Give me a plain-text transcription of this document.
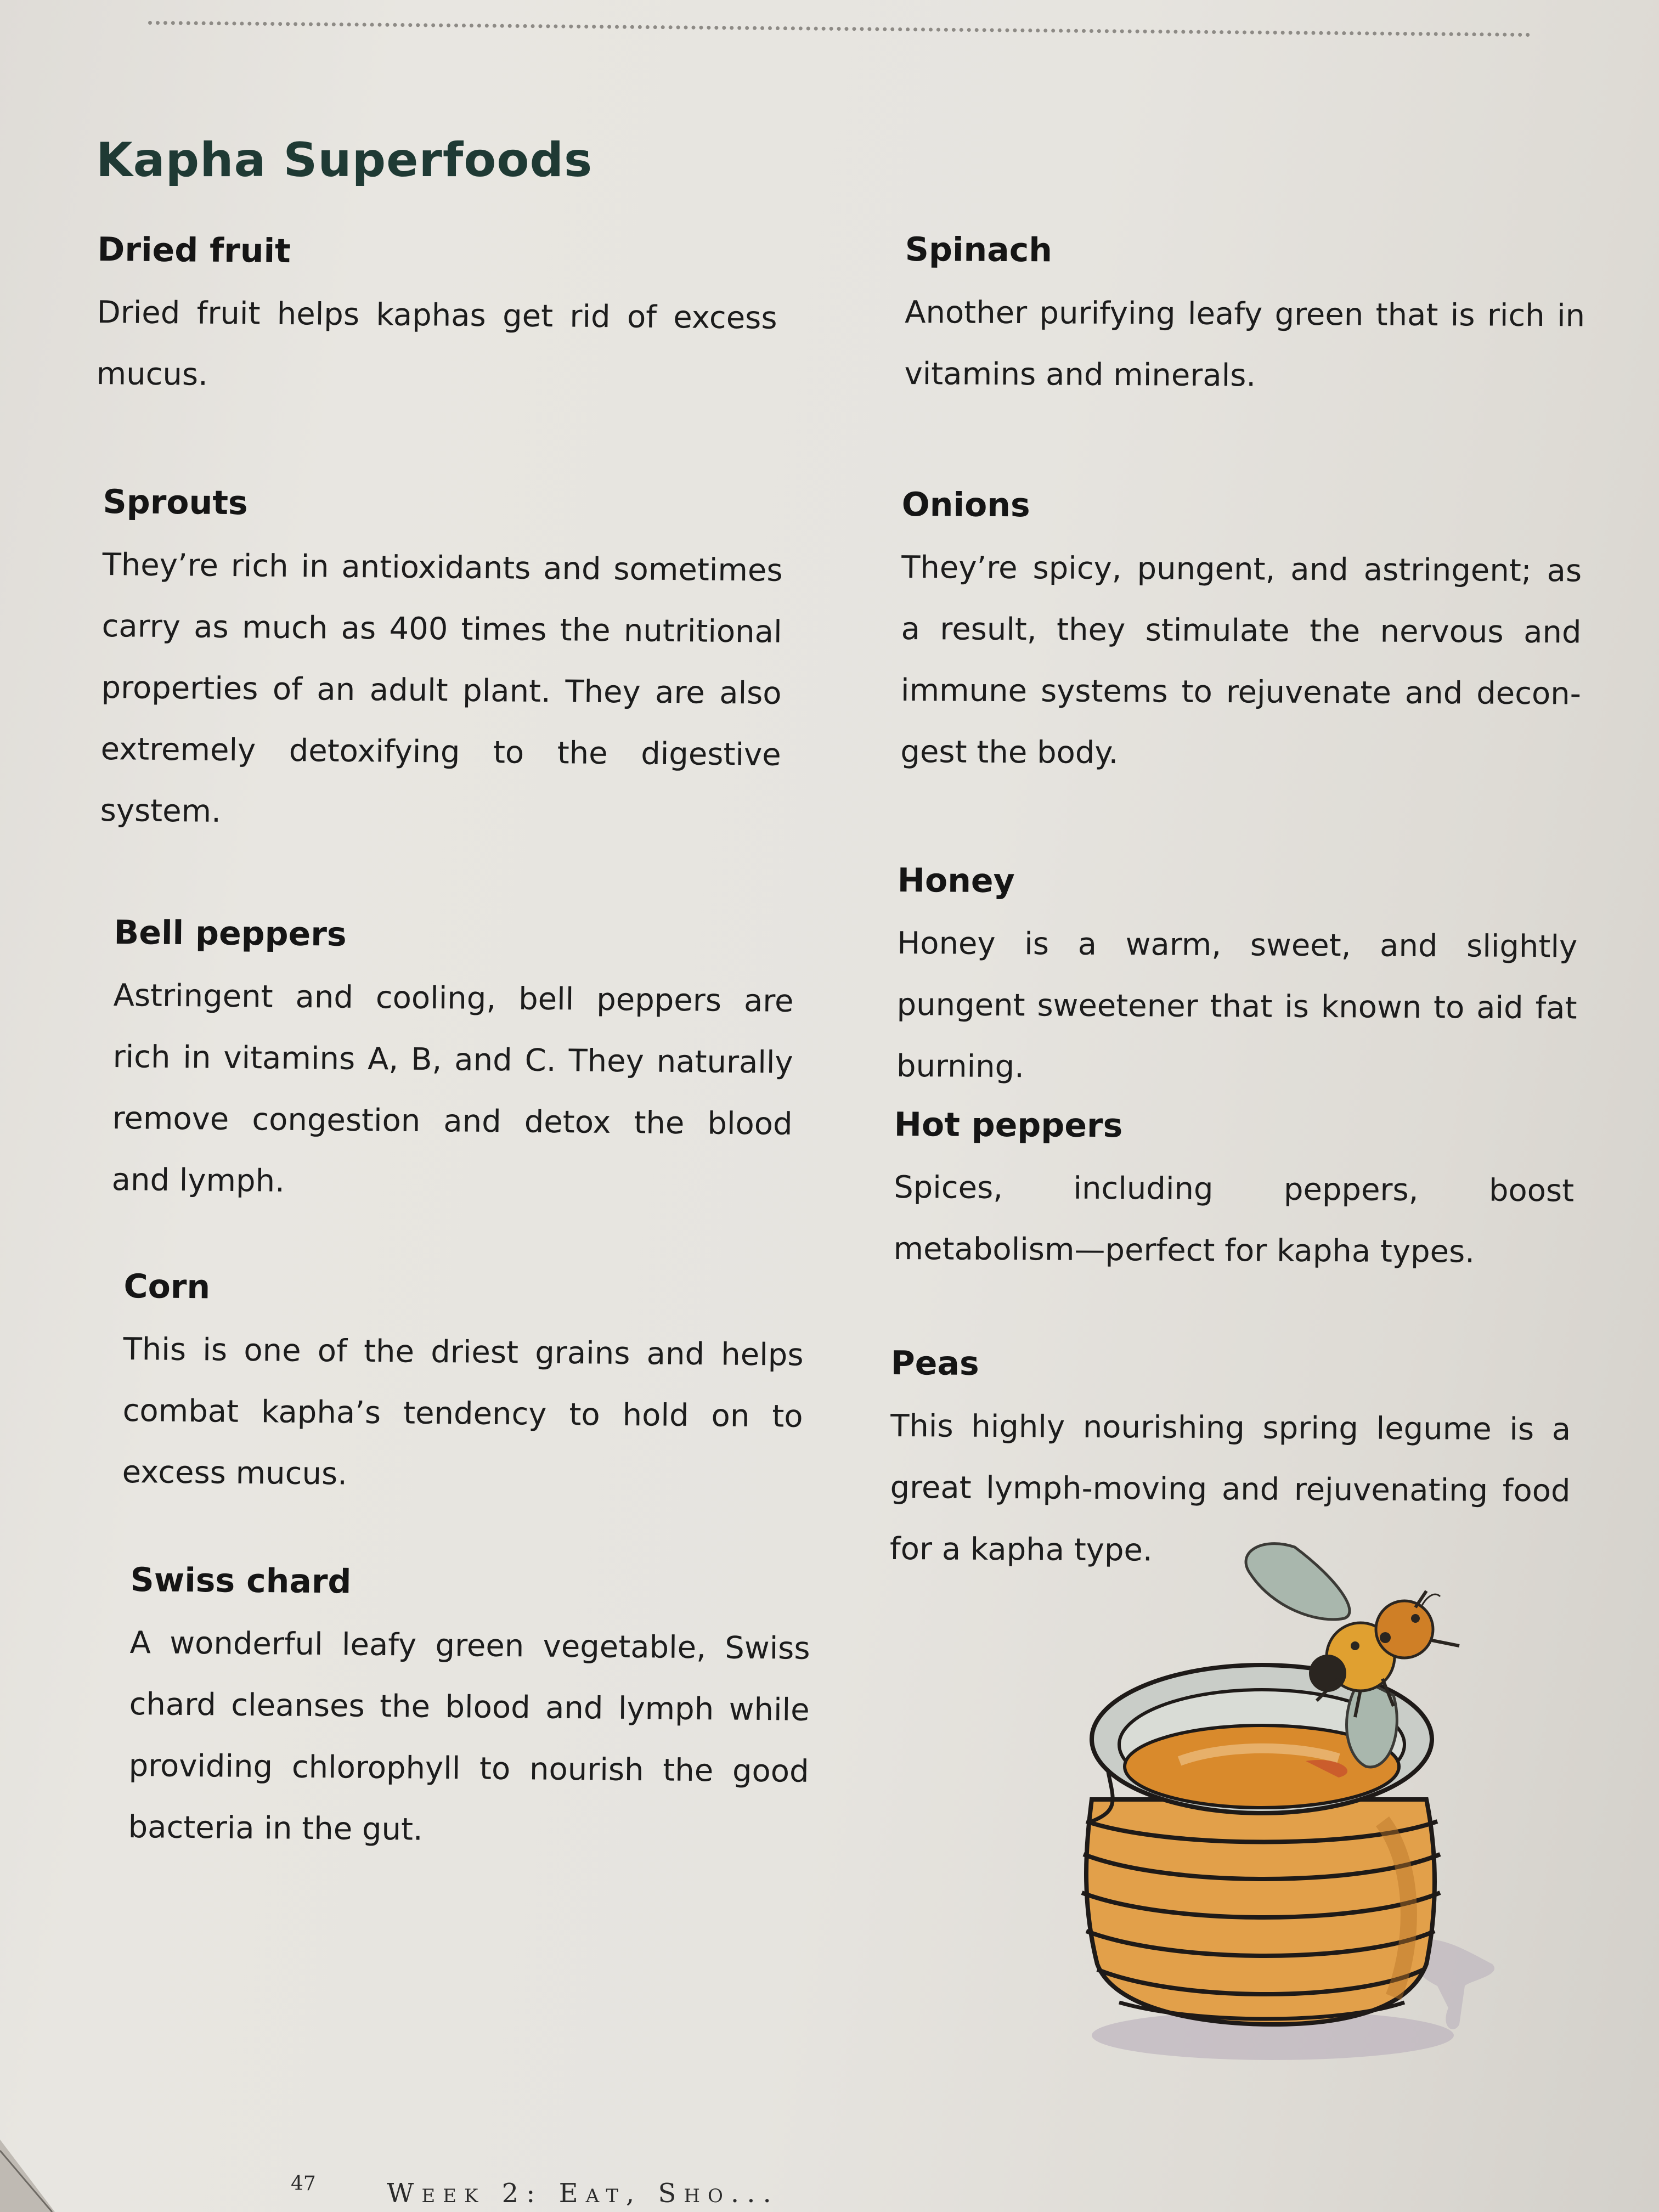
Kapha Superfoods
Dried fruit

Dried fruit helps kaphas get rid of excess mucus.

Sprouts

They’re rich in antioxidants and sometimes carry as much as 400 times the nutritional properties of an adult plant. They are also extremely detoxifying to the digestive system.

Bell peppers

Astringent and cooling, bell peppers are rich in vitamins A, B, and C. They naturally remove congestion and detox the blood and lymph.

Corn

This is one of the driest grains and helps combat kapha’s tendency to hold on to excess mucus.

Swiss chard

A wonderful leafy green vegetable, Swiss chard cleanses the blood and lymph while providing chlorophyll to nourish the good bacteria in the gut.

Spinach

Another purifying leafy green that is rich in vitamins and minerals.

Onions

They’re spicy, pungent, and astringent; as a result, they stimulate the nervous and immune systems to rejuvenate and decongest the body.

Honey

Honey is a warm, sweet, and slightly pungent sweetener that is known to aid fat burning.

Hot peppers

Spices, including peppers, boost metabolism—perfect for kapha types.

Peas

This highly nourishing spring legume is a great lymph-moving and rejuvenating food for a kapha type.

47	Week 2: Eat, Sho...
